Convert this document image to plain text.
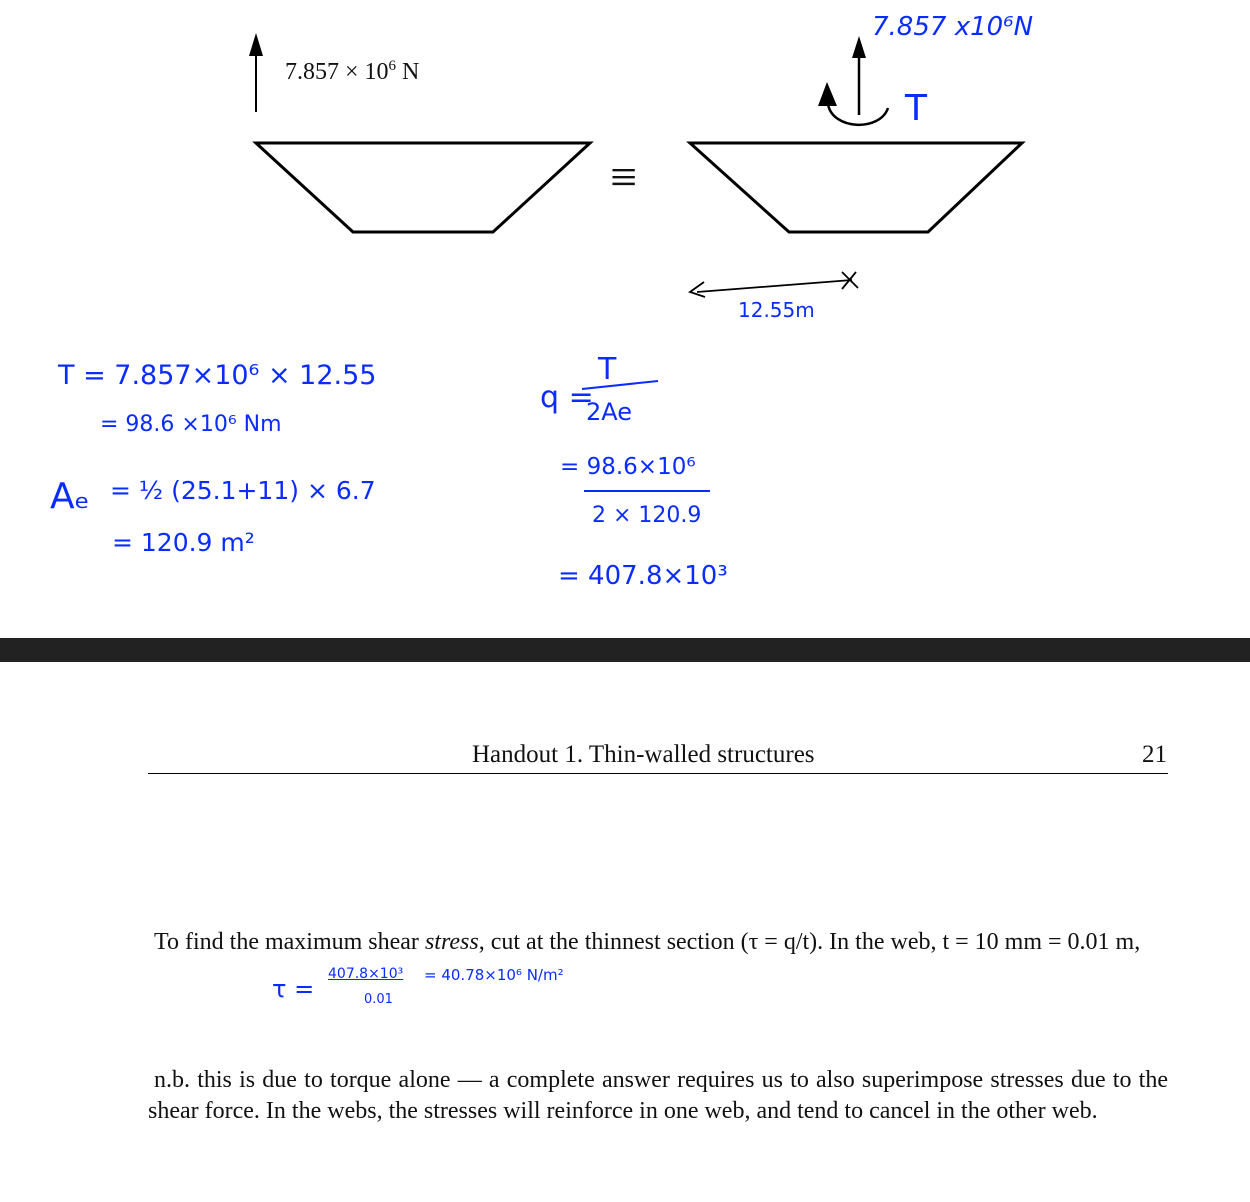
$7.857 \times 10^6$ N
7.857 x10⁶N
T
≡
12.55m
T = 7.857×10⁶ × 12.55
= 98.6 ×10⁶ Nm
Aₑ = ½ (25.1+11) × 6.7
= 120.9 m²
q =
T
2Ae
= 98.6×10⁶
2 × 120.9
= 407.8×10³
Handout 1. Thin-walled structures	21

To find the maximum shear stress, cut at the thinnest section (τ = q/t). In the web, t = 10 mm = 0.01 m,

τ =
407.8×10³
0.01
= 40.78×10⁶ N/m²

n.b. this is due to torque alone — a complete answer requires us to also superimpose stresses due to the shear force. In the webs, the stresses will reinforce in one web, and tend to cancel in the other web.
